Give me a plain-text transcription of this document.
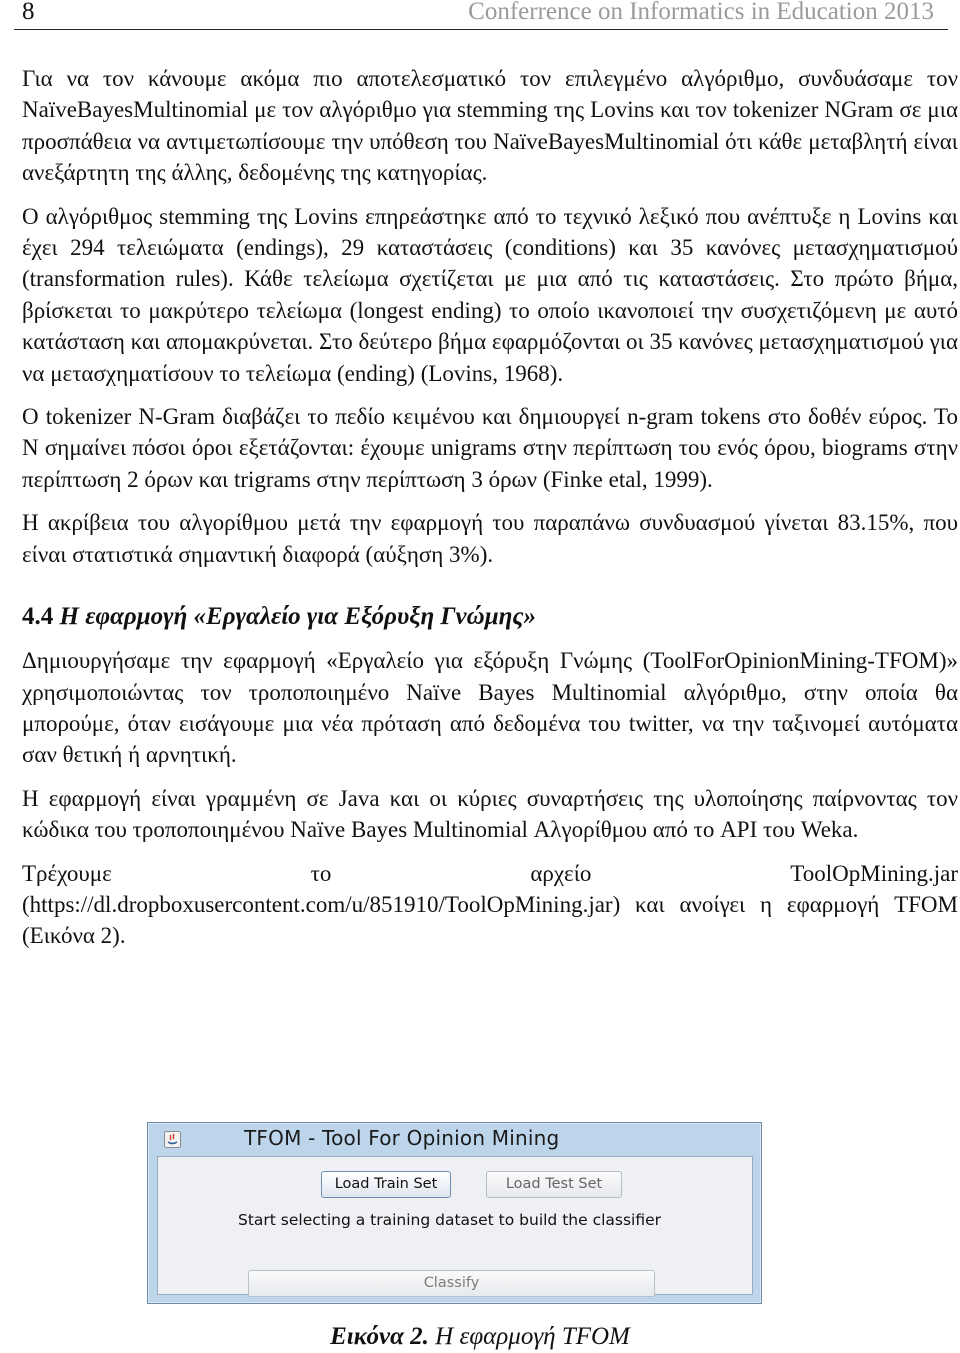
8	Conferrence on Informatics in Education 2013

Για να τον κάνουμε ακόμα πιο αποτελεσματικό τον επιλεγμένο αλγόριθμο, συνδυάσαμε τον NaïveBayesMultinomial με τον αλγόριθμο για stemming της Lovins και τον tokenizer NGram σε μια προσπάθεια να αντιμετωπίσουμε την υπόθεση του NaïveBayesMultinomial ότι κάθε μεταβλητή είναι ανεξάρτητη της άλλης, δεδομένης της κατηγορίας.

Ο αλγόριθμος stemming της Lovins επηρεάστηκε από το τεχνικό λεξικό που ανέπτυξε η Lovins και έχει 294 τελειώματα (endings), 29 καταστάσεις (conditions) και 35 κανόνες μετασχηματισμού (transformation rules). Κάθε τελείωμα σχετίζεται με μια από τις καταστάσεις. Στο πρώτο βήμα, βρίσκεται το μακρύτερο τελείωμα (longest ending) το οποίο ικανοποιεί την συσχετιζόμενη με αυτό κατάσταση και απομακρύνεται. Στο δεύτερο βήμα εφαρμόζονται οι 35 κανόνες μετασχηματισμού για να μετασχηματίσουν το τελείωμα (ending) (Lovins, 1968).

Ο tokenizer N-Gram διαβάζει το πεδίο κειμένου και δημιουργεί n-gram tokens στο δοθέν εύρος. Το N σημαίνει πόσοι όροι εξετάζονται: έχουμε unigrams στην περίπτωση του ενός όρου, biograms στην περίπτωση 2 όρων και trigrams στην περίπτωση 3 όρων (Finke etal, 1999).

Η ακρίβεια του αλγορίθμου μετά την εφαρμογή του παραπάνω συνδυασμού γίνεται 83.15%, που είναι στατιστικά σημαντική διαφορά (αύξηση 3%).

4.4 Η εφαρμογή «Εργαλείο για Εξόρυξη Γνώμης»

Δημιουργήσαμε την εφαρμογή «Εργαλείο για εξόρυξη Γνώμης (ToolForOpinionMining-TFOM)» χρησιμοποιώντας τον τροποποιημένο Naïve Bayes Multinomial αλγόριθμο, στην οποία θα μπορούμε, όταν εισάγουμε μια νέα πρόταση από δεδομένα του twitter, να την ταξινομεί αυτόματα σαν θετική ή αρνητική.

Η εφαρμογή είναι γραμμένη σε Java και οι κύριες συναρτήσεις της υλοποίησης παίρνοντας τον κώδικα του τροποποιημένου Naïve Bayes Multinomial Αλγορίθμου από το API του Weka.

Τρέχουμε το αρχείο ToolOpMining.jar (https://dl.dropboxusercontent.com/u/851910/ToolOpMining.jar) και ανοίγει η εφαρμογή TFOM (Εικόνα 2).

TFOM - Tool For Opinion Mining
Load Train Set	Load Test Set
Start selecting a training dataset to build the classifier
Classify
Εικόνα 2. Η εφαρμογή TFOM
